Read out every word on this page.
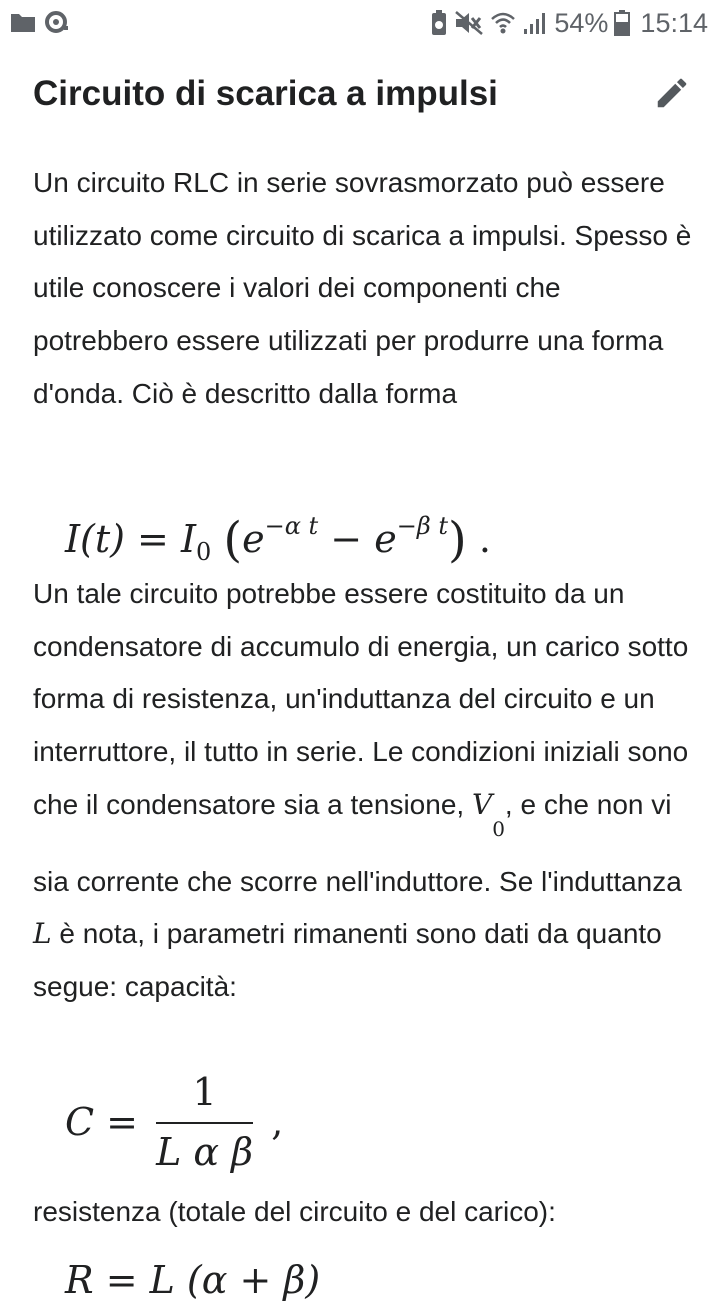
54% 15:14
Circuito di scarica a impulsi

Un circuito RLC in serie sovrasmorzato può essere utilizzato come circuito di scarica a impulsi. Spesso è utile conoscere i valori dei componenti che potrebbero essere utilizzati per produrre una forma d'onda. Ciò è descritto dalla forma

$I(t) = I_0$ $(e^{-\alpha t} - e^{-\beta t})$ .

Un tale circuito potrebbe essere costituito da un condensatore di accumulo di energia, un carico sotto forma di resistenza, un'induttanza del circuito e un interruttore, il tutto in serie. Le condizioni iniziali sono che il condensatore sia a tensione, $V_0$, e che non vi sia corrente che scorre nell'induttore. Se l'induttanza L è nota, i parametri rimanenti sono dati da quanto segue: capacità:

$C = \frac{1}{\text{L α β}}$ ,

resistenza (totale del circuito e del carico):

R = L (α + β)
